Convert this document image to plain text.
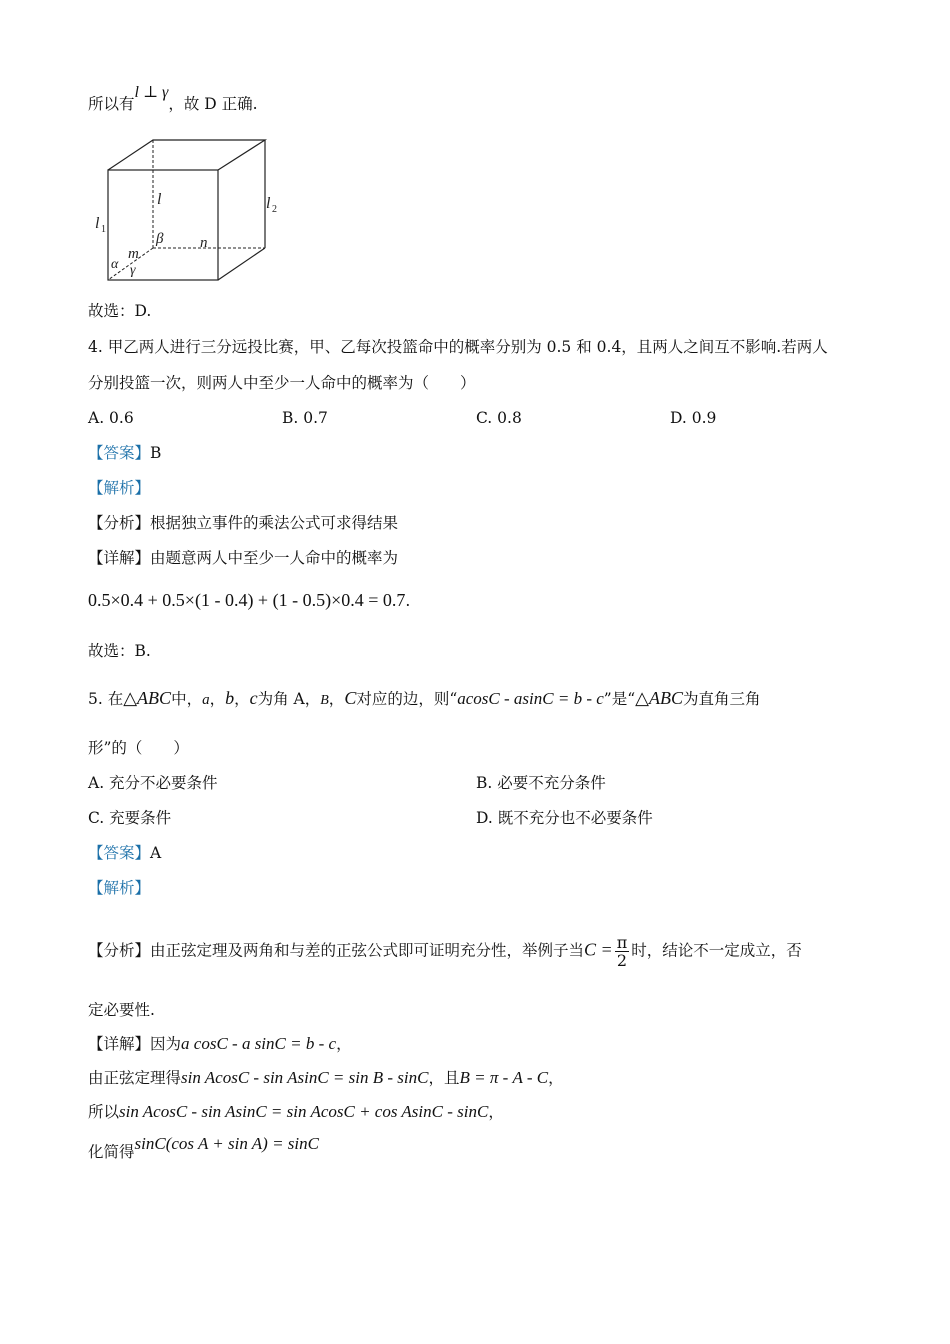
所以有l ⊥ γ，故 D 正确.
l 1
l 2
l
β n
m
α γ
故选：D.
4. 甲乙两人进行三分远投比赛，甲、乙每次投篮命中的概率分别为 0.5 和 0.4，且两人之间互不影响.若两人
分别投篮一次，则两人中至少一人命中的概率为（　　）
A. 0.6	B. 0.7	C. 0.8	D. 0.9
【答案】B
【解析】
【分析】根据独立事件的乘法公式可求得结果
【详解】由题意两人中至少一人命中的概率为
0.5×0.4 + 0.5×(1 - 0.4) + (1 - 0.5)×0.4 = 0.7.
故选：B.
5. 在△ABC中，a，b，c为角 A，B，C对应的边，则“acosC - asinC = b - c”是“△ABC为直角三角
形”的（　　）
A. 充分不必要条件	B. 必要不充分条件
C. 充要条件	D. 既不充分也不必要条件
【答案】A
【解析】
【分析】由正弦定理及两角和与差的正弦公式即可证明充分性，举例子当$C = \frac{\pi}{2}$ 时，结论不一定成立，否
定必要性.
【详解】因为a cosC - a sinC = b - c，
由正弦定理得sin AcosC - sin AsinC = sin B - sinC，且B = π - A - C，
所以sin AcosC - sin AsinC = sin AcosC + cos AsinC - sinC，
化简得sinC(cos A + sin A) = sinC
